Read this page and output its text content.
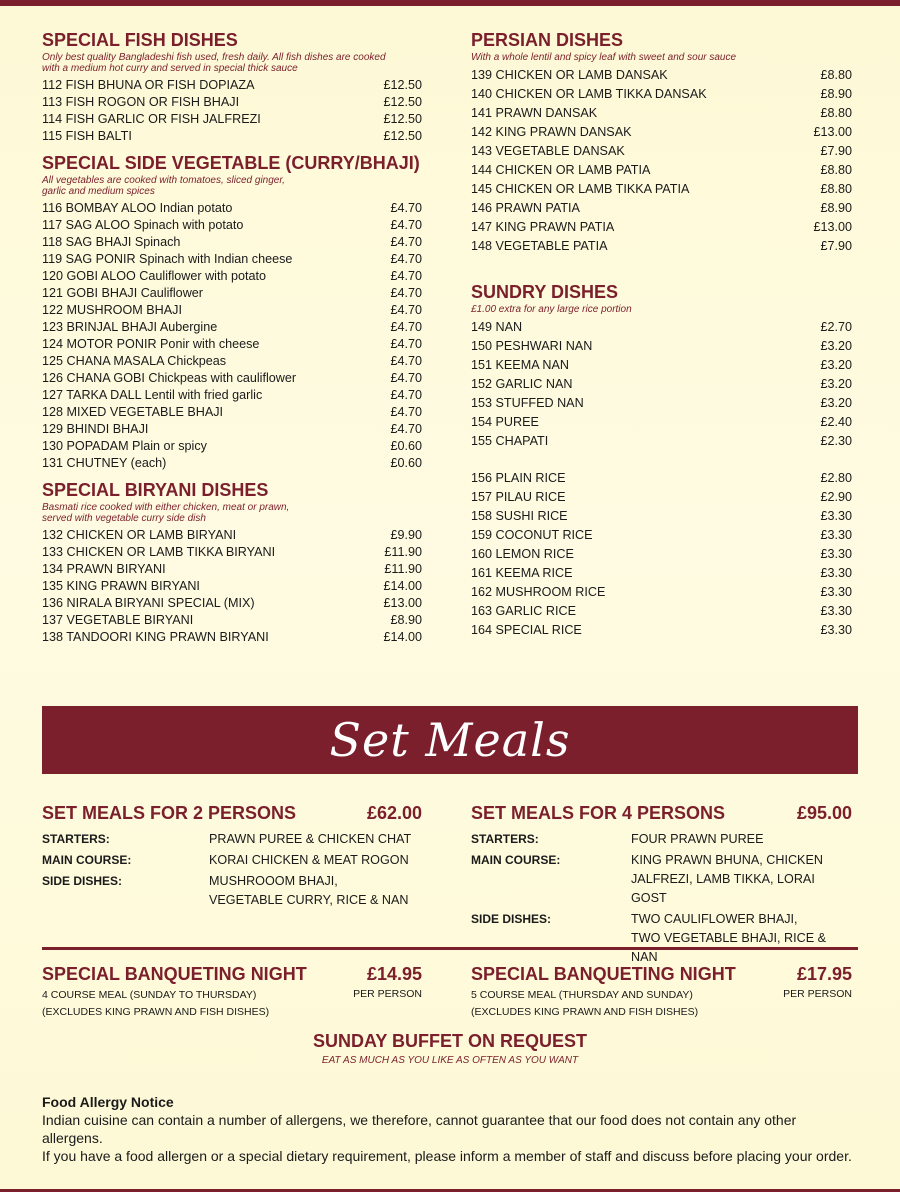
SPECIAL FISH DISHES
Only best quality Bangladeshi fish used, fresh daily. All fish dishes are cooked
with a medium hot curry and served in special thick sauce
112 FISH BHUNA OR FISH DOPIAZA	£12.50
113 FISH ROGON OR FISH BHAJI	£12.50
114 FISH GARLIC OR FISH JALFREZI	£12.50
115 FISH BALTI	£12.50
SPECIAL SIDE VEGETABLE (CURRY/BHAJI)
All vegetables are cooked with tomatoes, sliced ginger,
garlic and medium spices
116 BOMBAY ALOO Indian potato	£4.70
117 SAG ALOO Spinach with potato	£4.70
118 SAG BHAJI Spinach	£4.70
119 SAG PONIR Spinach with Indian cheese	£4.70
120 GOBI ALOO Cauliflower with potato	£4.70
121 GOBI BHAJI Cauliflower	£4.70
122 MUSHROOM BHAJI	£4.70
123 BRINJAL BHAJI Aubergine	£4.70
124 MOTOR PONIR Ponir with cheese	£4.70
125 CHANA MASALA Chickpeas	£4.70
126 CHANA GOBI Chickpeas with cauliflower	£4.70
127 TARKA DALL Lentil with fried garlic	£4.70
128 MIXED VEGETABLE BHAJI	£4.70
129 BHINDI BHAJI	£4.70
130 POPADAM Plain or spicy	£0.60
131 CHUTNEY (each)	£0.60
SPECIAL BIRYANI DISHES
Basmati rice cooked with either chicken, meat or prawn,
served with vegetable curry side dish
132 CHICKEN OR LAMB BIRYANI	£9.90
133 CHICKEN OR LAMB TIKKA BIRYANI	£11.90
134 PRAWN BIRYANI	£11.90
135 KING PRAWN BIRYANI	£14.00
136 NIRALA BIRYANI SPECIAL (MIX)	£13.00
137 VEGETABLE BIRYANI	£8.90
138 TANDOORI KING PRAWN BIRYANI	£14.00
PERSIAN DISHES
With a whole lentil and spicy leaf with sweet and sour sauce
139 CHICKEN OR LAMB DANSAK	£8.80
140 CHICKEN OR LAMB TIKKA DANSAK	£8.90
141 PRAWN DANSAK	£8.80
142 KING PRAWN DANSAK	£13.00
143 VEGETABLE DANSAK	£7.90
144 CHICKEN OR LAMB PATIA	£8.80
145 CHICKEN OR LAMB TIKKA PATIA	£8.80
146 PRAWN PATIA	£8.90
147 KING PRAWN PATIA	£13.00
148 VEGETABLE PATIA	£7.90
SUNDRY DISHES
£1.00 extra for any large rice portion
149 NAN	£2.70
150 PESHWARI NAN	£3.20
151 KEEMA NAN	£3.20
152 GARLIC NAN	£3.20
153 STUFFED NAN	£3.20
154 PUREE	£2.40
155 CHAPATI	£2.30
156 PLAIN RICE	£2.80
157 PILAU RICE	£2.90
158 SUSHI RICE	£3.30
159 COCONUT RICE	£3.30
160 LEMON RICE	£3.30
161 KEEMA RICE	£3.30
162 MUSHROOM RICE	£3.30
163 GARLIC RICE	£3.30
164 SPECIAL RICE	£3.30
Set Meals
SET MEALS FOR 2 PERSONS	£62.00
STARTERS:	PRAWN PUREE & CHICKEN CHAT
MAIN COURSE:	KORAI CHICKEN & MEAT ROGON
SIDE DISHES:	MUSHROOOM BHAJI,
VEGETABLE CURRY, RICE & NAN
SET MEALS FOR 4 PERSONS	£95.00
STARTERS:	FOUR PRAWN PUREE
MAIN COURSE:	KING PRAWN BHUNA, CHICKEN
JALFREZI, LAMB TIKKA, LORAI GOST
SIDE DISHES:	TWO CAULIFLOWER BHAJI,
TWO VEGETABLE BHAJI, RICE & NAN
SPECIAL BANQUETING NIGHT
4 COURSE MEAL (SUNDAY TO THURSDAY)
(EXCLUDES KING PRAWN AND FISH DISHES)
£14.95
PER PERSON
SPECIAL BANQUETING NIGHT
5 COURSE MEAL (THURSDAY AND SUNDAY)
(EXCLUDES KING PRAWN AND FISH DISHES)
£17.95
PER PERSON
SUNDAY BUFFET ON REQUEST
EAT AS MUCH AS YOU LIKE AS OFTEN AS YOU WANT
Food Allergy Notice
Indian cuisine can contain a number of allergens, we therefore, cannot guarantee that our food does not contain any other allergens.
If you have a food allergen or a special dietary requirement, please inform a member of staff and discuss before placing your order.
